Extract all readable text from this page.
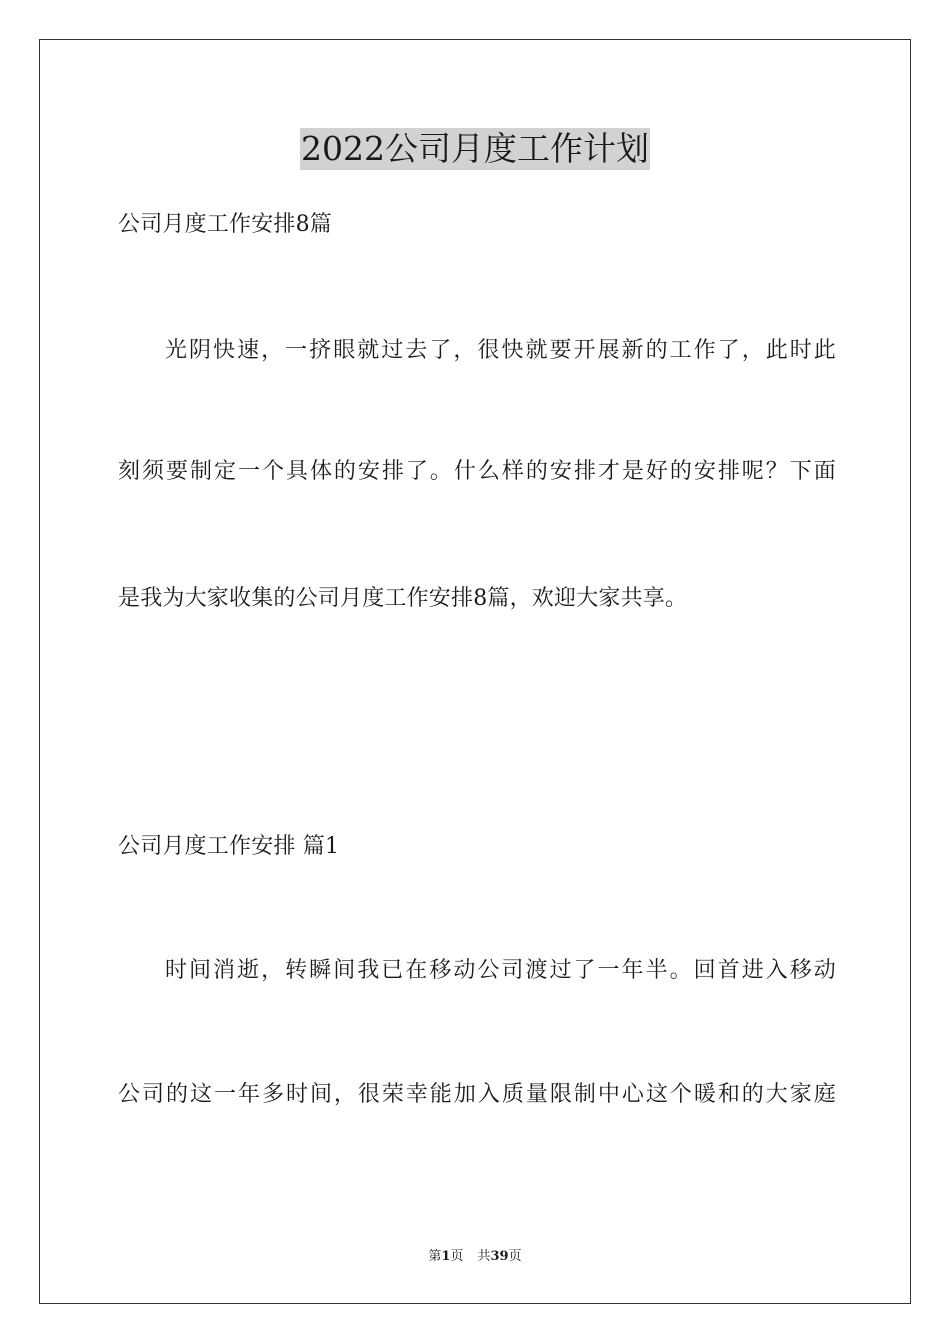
2022公司月度工作计划

公司月度工作安排8篇

光阴快速，一挤眼就过去了，很快就要开展新的工作了，此时此

刻须要制定一个具体的安排了。什么样的安排才是好的安排呢？下面

是我为大家收集的公司月度工作安排8篇，欢迎大家共享。

公司月度工作安排 篇1

时间消逝，转瞬间我已在移动公司渡过了一年半。回首进入移动

公司的这一年多时间，很荣幸能加入质量限制中心这个暖和的大家庭

第1页 共39页
